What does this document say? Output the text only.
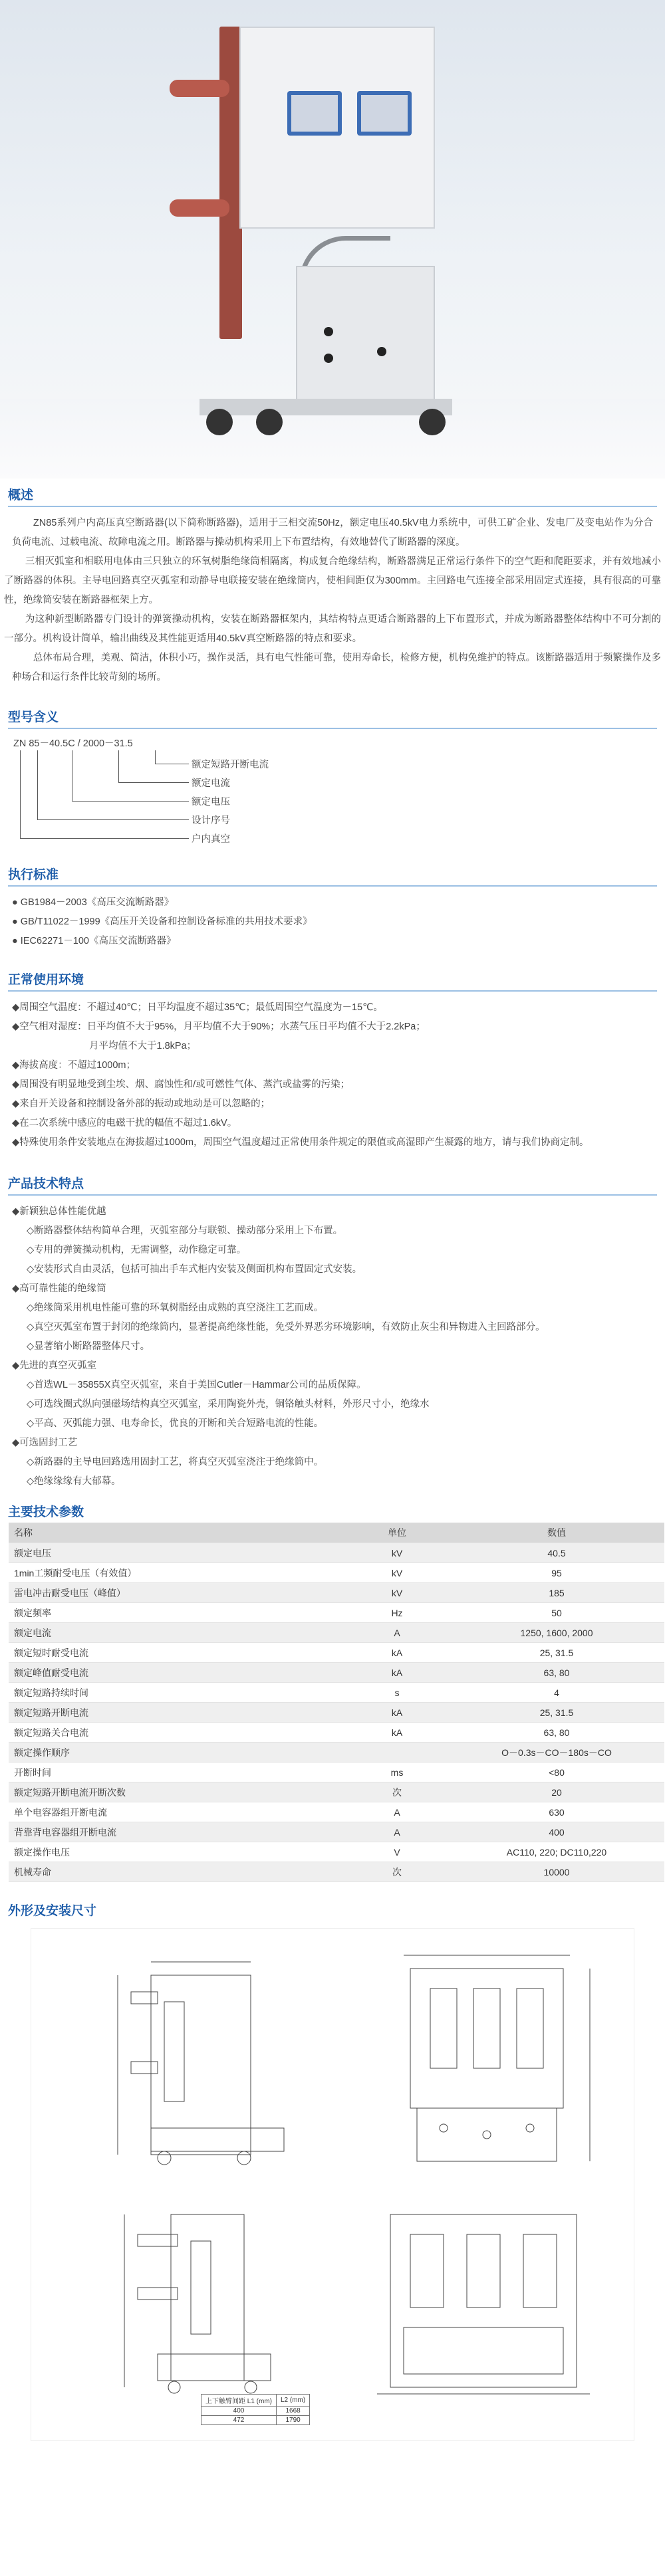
概述

ZN85系列户内高压真空断路器(以下简称断路器)，适用于三相交流50Hz，额定电压40.5kV电力系统中，可供工矿企业、发电厂及变电站作为分合负荷电流、过载电流、故障电流之用。断路器与操动机构采用上下布置结构，有效地替代了断路器的深度。

三相灭弧室和相联用电体由三只独立的环氧树脂绝缘筒相隔离，构成复合绝缘结构，断路器满足正常运行条件下的空气距和爬距要求，并有效地减小了断路器的体积。主导电回路真空灭弧室和动静导电联接安装在绝缘筒内，使相间距仅为300mm。主回路电气连接全部采用固定式连接，具有很高的可靠性，绝缘筒安装在断路器框架上方。

为这种新型断路器专门设计的弹簧操动机构，安装在断路器框架内，其结构特点更适合断路器的上下布置形式，并成为断路器整体结构中不可分割的一部分。机构设计简单，输出曲线及其性能更适用40.5kV真空断路器的特点和要求。

总体布局合理，美观、简洁，体积小巧，操作灵活，具有电气性能可靠，使用寿命长，检修方便，机构免维护的特点。该断路器适用于频繁操作及多种场合和运行条件比较苛刻的场所。

型号含义
ZN 85－40.5C / 2000－31.5
额定短路开断电流
额定电流
额定电压
设计序号
户内真空
执行标准
● GB1984－2003《高压交流断路器》
● GB/T11022－1999《高压开关设备和控制设备标准的共用技术要求》
● IEC62271－100《高压交流断路器》
正常使用环境
◆周围空气温度：不超过40℃；日平均温度不超过35℃；最低周围空气温度为－15℃。
◆空气相对湿度：日平均值不大于95%，月平均值不大于90%；水蒸气压日平均值不大于2.2kPa；
　　　　　　　　月平均值不大于1.8kPa；
◆海拔高度：不超过1000m；
◆周围没有明显地受到尘埃、烟、腐蚀性和/或可燃性气体、蒸汽或盐雾的污染；
◆来自开关设备和控制设备外部的振动或地动是可以忽略的；
◆在二次系统中感应的电磁干扰的幅值不超过1.6kV。
◆特殊使用条件安装地点在海拔超过1000m，周围空气温度超过正常使用条件规定的限值或高湿即产生凝露的地方，请与我们协商定制。
产品技术特点
◆新颖独总体性能优越
◇断路器整体结构简单合理，灭弧室部分与联锁、操动部分采用上下布置。
◇专用的弹簧操动机构，无需调整，动作稳定可靠。
◇安装形式自由灵活，包括可抽出手车式柜内安装及侧面机构布置固定式安装。
◆高可靠性能的绝缘筒
◇绝缘筒采用机电性能可靠的环氧树脂经由成熟的真空浇注工艺而成。
◇真空灭弧室布置于封闭的绝缘筒内，显著提高绝缘性能，免受外界恶劣环境影响，有效防止灰尘和异物进入主回路部分。
◇显著缩小断路器整体尺寸。
◆先进的真空灭弧室
◇首选WL－35855X真空灭弧室，来自于美国Cutler－Hammar公司的品质保障。
◇可选线圈式纵向强磁场结构真空灭弧室，采用陶瓷外壳，铜铬触头材料，外形尺寸小，绝缘水
◇平高、灭弧能力强、电寿命长，优良的开断和关合短路电流的性能。
◆可选固封工艺
◇新路器的主导电回路选用固封工艺，将真空灭弧室浇注于绝缘筒中。
◇绝缘缘缘有大郁幕。
主要技术参数
名称	单位	数值
额定电压	kV	40.5
1min工频耐受电压（有效值）	kV	95
雷电冲击耐受电压（峰值）	kV	185
额定频率	Hz	50
额定电流	A	1250, 1600, 2000
额定短时耐受电流	kA	25, 31.5
额定峰值耐受电流	kA	63, 80
额定短路持续时间	s	4
额定短路开断电流	kA	25, 31.5
额定短路关合电流	kA	63, 80
额定操作顺序		O－0.3s－CO－180s－CO
开断时间	ms	<80
额定短路开断电流开断次数	次	20
单个电容器组开断电流	A	630
背靠背电容器组开断电流	A	400
额定操作电压	V	AC110, 220; DC110,220
机械寿命	次	10000
外形及安装尺寸
上下触臂间距 L1 (mm)	L2 (mm)
400	1668
472	1790
